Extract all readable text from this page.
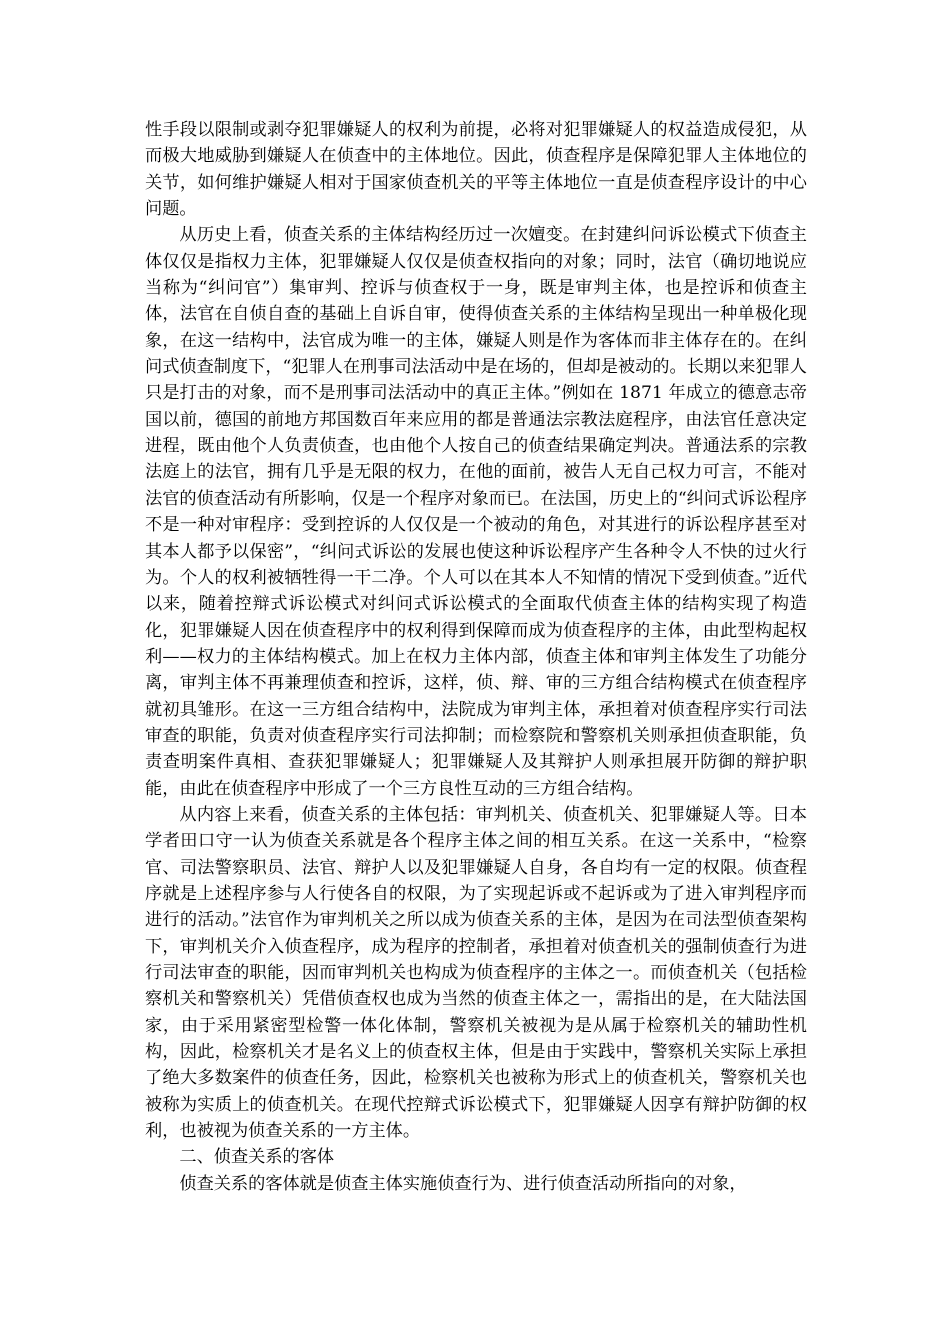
性手段以限制或剥夺犯罪嫌疑人的权利为前提，必将对犯罪嫌疑人的权益造成侵犯，从而极大地威胁到嫌疑人在侦查中的主体地位。因此，侦查程序是保障犯罪人主体地位的关节，如何维护嫌疑人相对于国家侦查机关的平等主体地位一直是侦查程序设计的中心问题。

从历史上看，侦查关系的主体结构经历过一次嬗变。在封建纠问诉讼模式下侦查主体仅仅是指权力主体，犯罪嫌疑人仅仅是侦查权指向的对象；同时，法官（确切地说应当称为“纠问官”）集审判、控诉与侦查权于一身，既是审判主体，也是控诉和侦查主体，法官在自侦自查的基础上自诉自审，使得侦查关系的主体结构呈现出一种单极化现象，在这一结构中，法官成为唯一的主体，嫌疑人则是作为客体而非主体存在的。在纠问式侦查制度下，“犯罪人在刑事司法活动中是在场的，但却是被动的。长期以来犯罪人只是打击的对象，而不是刑事司法活动中的真正主体。”例如在 1871 年成立的德意志帝国以前，德国的前地方邦国数百年来应用的都是普通法宗教法庭程序，由法官任意决定进程，既由他个人负责侦查，也由他个人按自己的侦查结果确定判决。普通法系的宗教法庭上的法官，拥有几乎是无限的权力，在他的面前，被告人无自己权力可言，不能对法官的侦查活动有所影响，仅是一个程序对象而已。在法国，历史上的“纠问式诉讼程序不是一种对审程序：受到控诉的人仅仅是一个被动的角色，对其进行的诉讼程序甚至对其本人都予以保密”，“纠问式诉讼的发展也使这种诉讼程序产生各种令人不快的过火行为。个人的权利被牺牲得一干二净。个人可以在其本人不知情的情况下受到侦查。”近代以来，随着控辩式诉讼模式对纠问式诉讼模式的全面取代侦查主体的结构实现了构造化，犯罪嫌疑人因在侦查程序中的权利得到保障而成为侦查程序的主体，由此型构起权利——权力的主体结构模式。加上在权力主体内部，侦查主体和审判主体发生了功能分离，审判主体不再兼理侦查和控诉，这样，侦、辩、审的三方组合结构模式在侦查程序就初具雏形。在这一三方组合结构中，法院成为审判主体，承担着对侦查程序实行司法审查的职能，负责对侦查程序实行司法抑制；而检察院和警察机关则承担侦查职能，负责查明案件真相、查获犯罪嫌疑人；犯罪嫌疑人及其辩护人则承担展开防御的辩护职能，由此在侦查程序中形成了一个三方良性互动的三方组合结构。

从内容上来看，侦查关系的主体包括：审判机关、侦查机关、犯罪嫌疑人等。日本学者田口守一认为侦查关系就是各个程序主体之间的相互关系。在这一关系中，“检察官、司法警察职员、法官、辩护人以及犯罪嫌疑人自身，各自均有一定的权限。侦查程序就是上述程序参与人行使各自的权限，为了实现起诉或不起诉或为了进入审判程序而进行的活动。”法官作为审判机关之所以成为侦查关系的主体，是因为在司法型侦查架构下，审判机关介入侦查程序，成为程序的控制者，承担着对侦查机关的强制侦查行为进行司法审查的职能，因而审判机关也构成为侦查程序的主体之一。而侦查机关（包括检察机关和警察机关）凭借侦查权也成为当然的侦查主体之一，需指出的是，在大陆法国家，由于采用紧密型检警一体化体制，警察机关被视为是从属于检察机关的辅助性机构，因此，检察机关才是名义上的侦查权主体，但是由于实践中，警察机关实际上承担了绝大多数案件的侦查任务，因此，检察机关也被称为形式上的侦查机关，警察机关也被称为实质上的侦查机关。在现代控辩式诉讼模式下，犯罪嫌疑人因享有辩护防御的权利，也被视为侦查关系的一方主体。

二、侦查关系的客体

侦查关系的客体就是侦查主体实施侦查行为、进行侦查活动所指向的对象，
